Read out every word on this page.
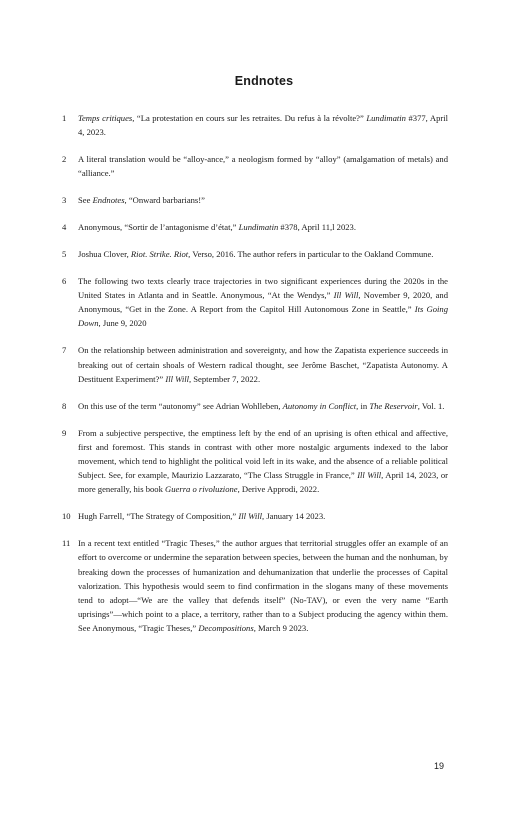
Endnotes
1	Temps critiques, “La protestation en cours sur les retraites. Du refus à la révolte?” Lundimatin #377, April 4, 2023.
2	A literal translation would be “alloy-ance,” a neologism formed by “alloy” (amalgamation of metals) and “alliance.”
3	See Endnotes, “Onward barbarians!”
4	Anonymous, “Sortir de l’antagonisme d’état,” Lundimatin #378, April 11,l 2023.
5	Joshua Clover, Riot. Strike. Riot, Verso, 2016. The author refers in particular to the Oakland Commune.
6	The following two texts clearly trace trajectories in two significant experiences during the 2020s in the United States in Atlanta and in Seattle. Anonymous, “At the Wendys,” Ill Will, November 9, 2020, and Anonymous, “Get in the Zone. A Report from the Capitol Hill Autonomous Zone in Seattle,” Its Going Down, June 9, 2020
7	On the relationship between administration and sovereignty, and how the Zapatista experience succeeds in breaking out of certain shoals of Western radical thought, see Jerôme Baschet, “Zapatista Autonomy. A Destituent Experiment?” Ill Will, September 7, 2022.
8	On this use of the term “autonomy” see Adrian Wohlleben, Autonomy in Conflict, in The Reservoir, Vol. 1.
9	From a subjective perspective, the emptiness left by the end of an uprising is often ethical and affective, first and foremost. This stands in contrast with other more nostalgic arguments indexed to the labor movement, which tend to highlight the political void left in its wake, and the absence of a reliable political Subject. See, for example, Maurizio Lazzarato, “The Class Struggle in France,” Ill Will, April 14, 2023, or more generally, his book Guerra o rivoluzione, Derive Approdi, 2022.
10 Hugh Farrell, “The Strategy of Composition,” Ill Will, January 14 2023.
11 In a recent text entitled “Tragic Theses,” the author argues that territorial struggles offer an example of an effort to overcome or undermine the separation between species, between the human and the nonhuman, by breaking down the processes of humanization and dehumanization that underlie the processes of Capital valorization. This hypothesis would seem to find confirmation in the slogans many of these movements tend to adopt—“We are the valley that defends itself” (No-TAV), or even the very name “Earth uprisings”—which point to a place, a territory, rather than to a Subject producing the agency within them. See Anonymous, “Tragic Theses,” Decompositions, March 9 2023.
19
